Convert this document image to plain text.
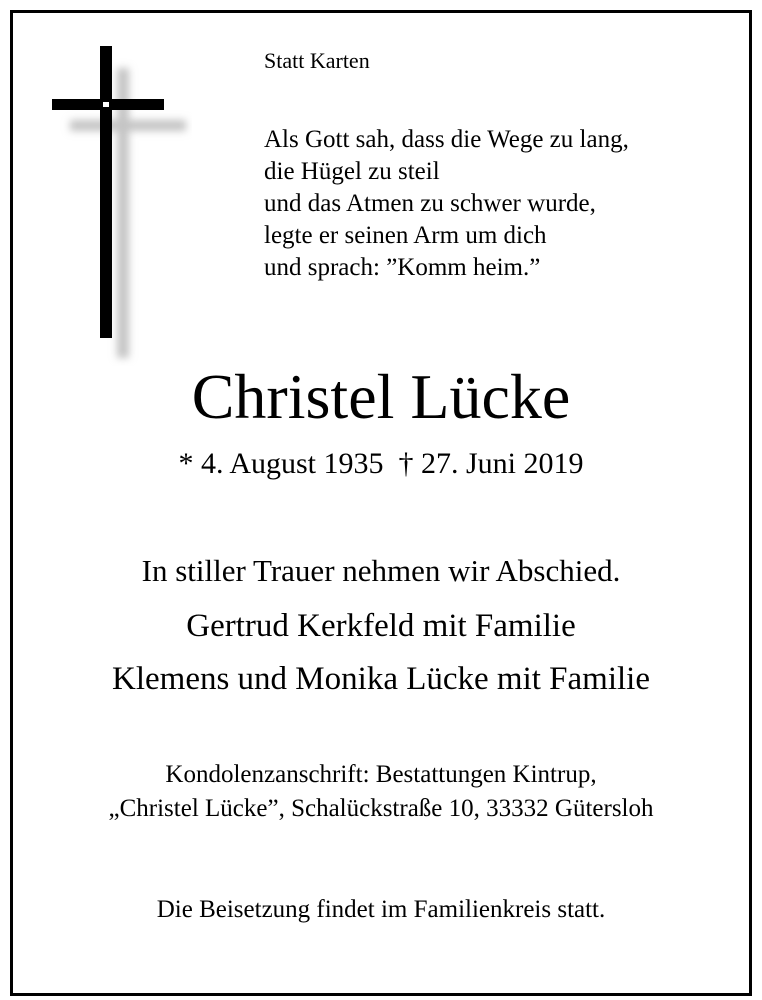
Statt Karten
Als Gott sah, dass die Wege zu lang,
die Hügel zu steil
und das Atmen zu schwer wurde,
legte er seinen Arm um dich
und sprach: ”Komm heim.”
Christel Lücke
* 4. August 1935  † 27. Juni 2019
In stiller Trauer nehmen wir Abschied.
Gertrud Kerkfeld mit Familie
Klemens und Monika Lücke mit Familie
Kondolenzanschrift: Bestattungen Kintrup,
„Christel Lücke”, Schalückstraße 10, 33332 Gütersloh
Die Beisetzung findet im Familienkreis statt.
